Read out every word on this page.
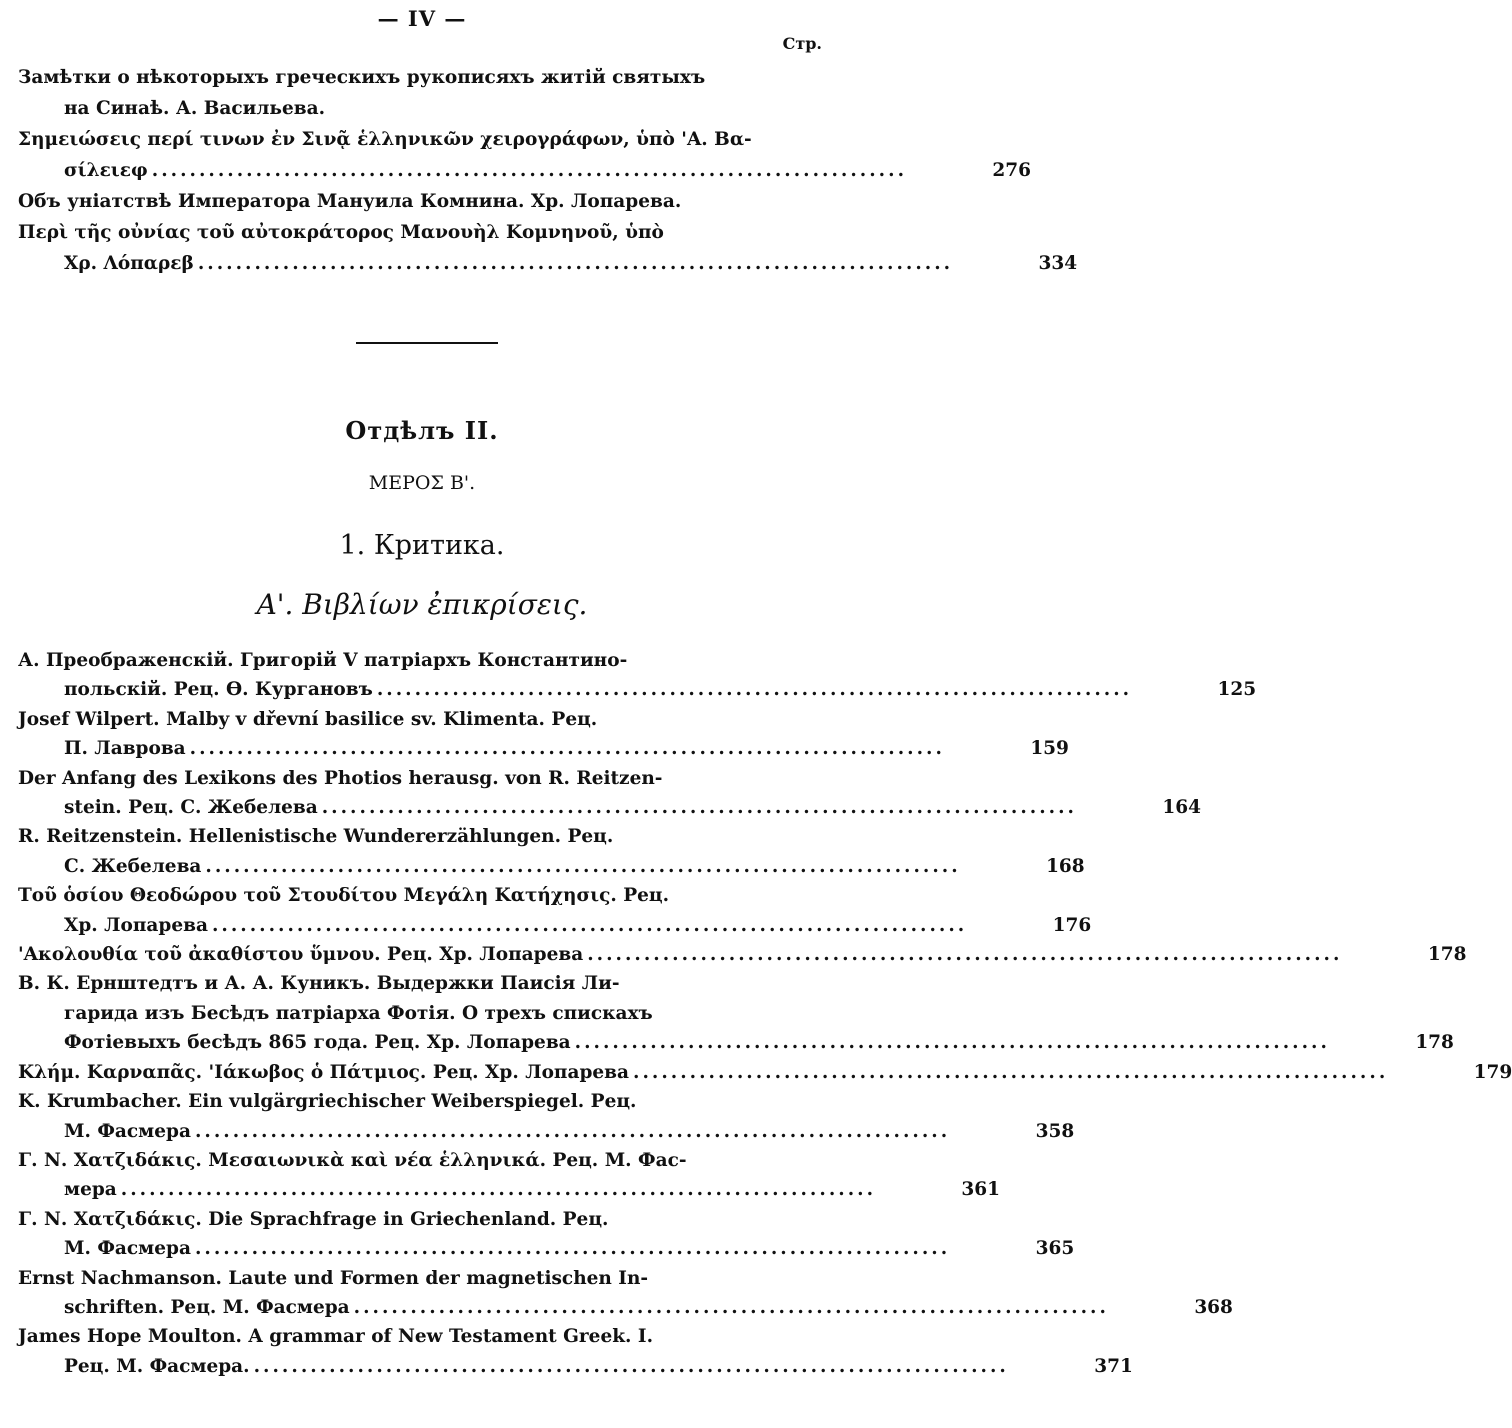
— IV —
Стр.
Замѣтки о нѣкоторыхъ греческихъ рукописяхъ житій святыхъ
на Синаѣ. А. Васильева.
Σημειώσεις περί τινων ἐν Σινᾷ ἑλληνικῶν χειρογράφων, ὑπὸ 'Α. Βα-
σίλειεφ ................................................................................	276
Объ уніатствѣ Императора Мануила Комнина. Хр. Лопарева.
Περὶ τῆς οὐνίας τοῦ αὐτοκράτορος Μανουὴλ Κομνηνοῦ, ὑπὸ
Χρ. Λόπαρεβ ................................................................................	334
Отдѣлъ II.
ΜΕΡΟΣ Β'.
1. Критика.
Α'. Βιβλίων ἐπικρίσεις.
А. Преображенскій. Григорій V патріархъ Константино-
польскій. Рец. Ѳ. Кургановъ ................................................................................	125
Josef Wilpert. Malby v dřevní basilice sv. Klimenta. Рец.
П. Лаврова ................................................................................	159
Der Anfang des Lexikons des Photios herausg. von R. Reitzen-
stein. Рец. С. Жебелева ................................................................................	164
R. Reitzenstein. Hellenistische Wundererzählungen. Рец.
С. Жебелева ................................................................................	168
Τοῦ ὁσίου Θεοδώρου τοῦ Στουδίτου Μεγάλη Κατήχησις. Рец.
Хр. Лопарева ................................................................................	176
'Ακολουθία τοῦ ἀκαθίστου ὕμνου. Рец. Хр. Лопарева ................................................................................	178
В. К. Ернштедтъ и А. А. Куникъ. Выдержки Паисія Ли-
гарида изъ Бесѣдъ патріарха Фотія. О трехъ спискахъ
Фотіевыхъ бесѣдъ 865 года. Рец. Хр. Лопарева ................................................................................	178
Κλήμ. Καρναπᾶς. 'Ιάκωβος ὁ Πάτμιος. Рец. Хр. Лопарева ................................................................................	179
K. Krumbacher. Ein vulgärgriechischer Weiberspiegel. Рец.
М. Фасмера ................................................................................	358
Γ. Ν. Χατζιδάκις. Μεσαιωνικὰ καὶ νέα ἑλληνικά. Рец. М. Фас-
мера ................................................................................	361
Γ. Ν. Χατζιδάκις. Die Sprachfrage in Griechenland. Рец.
М. Фасмера ................................................................................	365
Ernst Nachmanson. Laute und Formen der magnetischen In-
schriften. Рец. М. Фасмера ................................................................................	368
James Hope Moulton. A grammar of New Testament Greek. I.
Рец. М. Фасмера. ................................................................................	371
